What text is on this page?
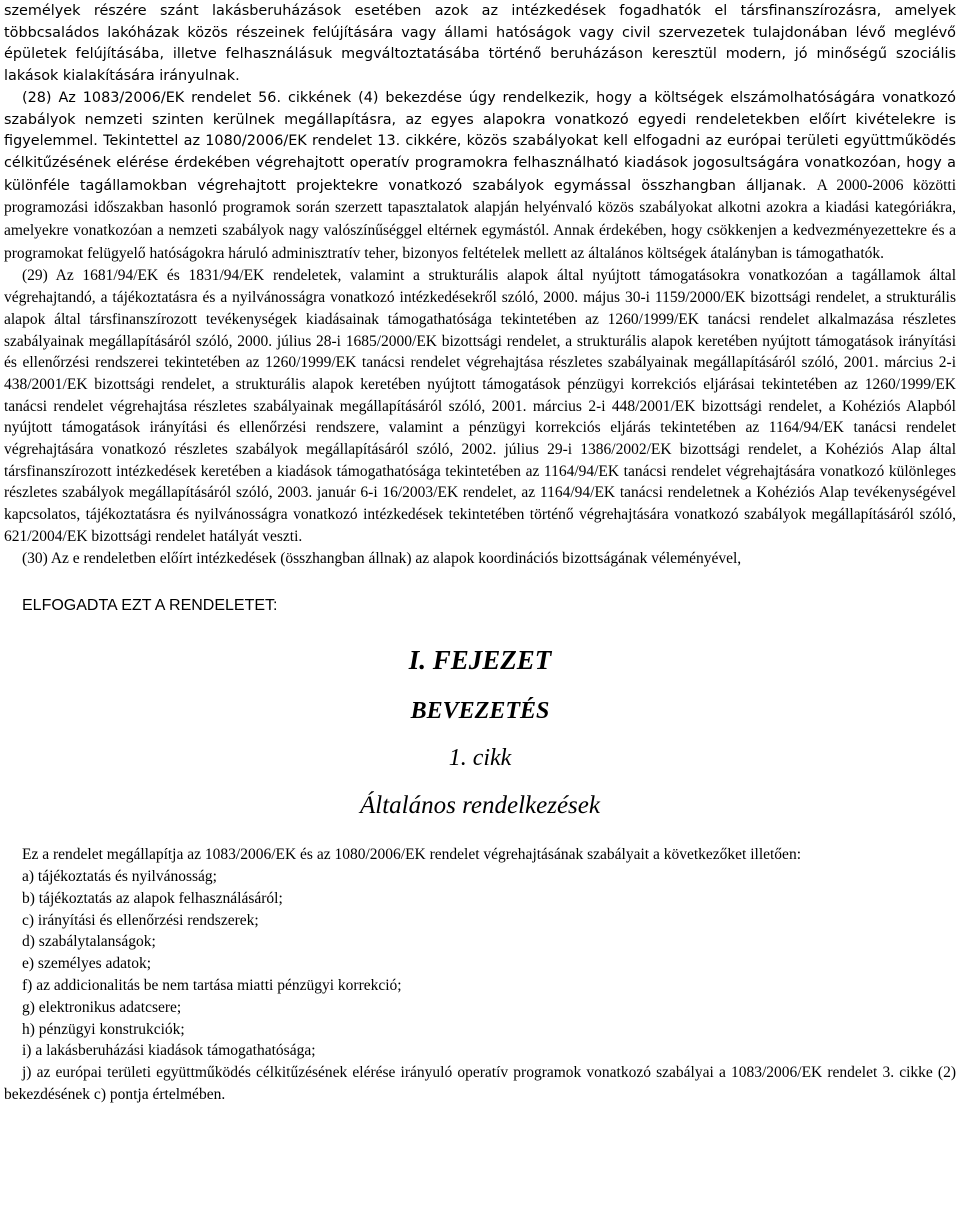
személyek részére szánt lakásberuházások esetében azok az intézkedések fogadhatók el társfinanszírozásra, amelyek többcsaládos lakóházak közös részeinek felújítására vagy állami hatóságok vagy civil szervezetek tulajdonában lévő meglévő épületek felújításába, illetve felhasználásuk megváltoztatásába történő beruházáson keresztül modern, jó minőségű szociális lakások kialakítására irányulnak.

(28) Az 1083/2006/EK rendelet 56. cikkének (4) bekezdése úgy rendelkezik, hogy a költségek elszámolhatóságára vonatkozó szabályok nemzeti szinten kerülnek megállapításra, az egyes alapokra vonatkozó egyedi rendeletekben előírt kivételekre is figyelemmel. Tekintettel az 1080/2006/EK rendelet 13. cikkére, közös szabályokat kell elfogadni az európai területi együttműködés célkitűzésének elérése érdekében végrehajtott operatív programokra felhasználható kiadások jogosultságára vonatkozóan, hogy a különféle tagállamokban végrehajtott projektekre vonatkozó szabályok egymással összhangban álljanak. A 2000-2006 közötti programozási időszakban hasonló programok során szerzett tapasztalatok alapján helyénvaló közös szabályokat alkotni azokra a kiadási kategóriákra, amelyekre vonatkozóan a nemzeti szabályok nagy valószínűséggel eltérnek egymástól. Annak érdekében, hogy csökkenjen a kedvezményezettekre és a programokat felügyelő hatóságokra háruló adminisztratív teher, bizonyos feltételek mellett az általános költségek átalányban is támogathatók.

(29) Az 1681/94/EK és 1831/94/EK rendeletek, valamint a strukturális alapok által nyújtott támogatásokra vonatkozóan a tagállamok által végrehajtandó, a tájékoztatásra és a nyilvánosságra vonatkozó intézkedésekről szóló, 2000. május 30-i 1159/2000/EK bizottsági rendelet, a strukturális alapok által társfinanszírozott tevékenységek kiadásainak támogathatósága tekintetében az 1260/1999/EK tanácsi rendelet alkalmazása részletes szabályainak megállapításáról szóló, 2000. július 28-i 1685/2000/EK bizottsági rendelet, a strukturális alapok keretében nyújtott támogatások irányítási és ellenőrzési rendszerei tekintetében az 1260/1999/EK tanácsi rendelet végrehajtása részletes szabályainak megállapításáról szóló, 2001. március 2-i 438/2001/EK bizottsági rendelet, a strukturális alapok keretében nyújtott támogatások pénzügyi korrekciós eljárásai tekintetében az 1260/1999/EK tanácsi rendelet végrehajtása részletes szabályainak megállapításáról szóló, 2001. március 2-i 448/2001/EK bizottsági rendelet, a Kohéziós Alapból nyújtott támogatások irányítási és ellenőrzési rendszere, valamint a pénzügyi korrekciós eljárás tekintetében az 1164/94/EK tanácsi rendelet végrehajtására vonatkozó részletes szabályok megállapításáról szóló, 2002. július 29-i 1386/2002/EK bizottsági rendelet, a Kohéziós Alap által társfinanszírozott intézkedések keretében a kiadások támogathatósága tekintetében az 1164/94/EK tanácsi rendelet végrehajtására vonatkozó különleges részletes szabályok megállapításáról szóló, 2003. január 6-i 16/2003/EK rendelet, az 1164/94/EK tanácsi rendeletnek a Kohéziós Alap tevékenységével kapcsolatos, tájékoztatásra és nyilvánosságra vonatkozó intézkedések tekintetében történő végrehajtására vonatkozó szabályok megállapításáról szóló, 621/2004/EK bizottsági rendelet hatályát veszti.

(30) Az e rendeletben előírt intézkedések (összhangban állnak) az alapok koordinációs bizottságának véleményével,

ELFOGADTA EZT A RENDELETET:

I. FEJEZET

BEVEZETÉS

1. cikk

Általános rendelkezések

Ez a rendelet megállapítja az 1083/2006/EK és az 1080/2006/EK rendelet végrehajtásának szabályait a következőket illetően:

a) tájékoztatás és nyilvánosság;
b) tájékoztatás az alapok felhasználásáról;
c) irányítási és ellenőrzési rendszerek;
d) szabálytalanságok;
e) személyes adatok;
f) az addicionalitás be nem tartása miatti pénzügyi korrekció;
g) elektronikus adatcsere;
h) pénzügyi konstrukciók;
i) a lakásberuházási kiadások támogathatósága;

j) az európai területi együttműködés célkitűzésének elérése irányuló operatív programok vonatkozó szabályai a 1083/2006/EK rendelet 3. cikke (2) bekezdésének c) pontja értelmében.
